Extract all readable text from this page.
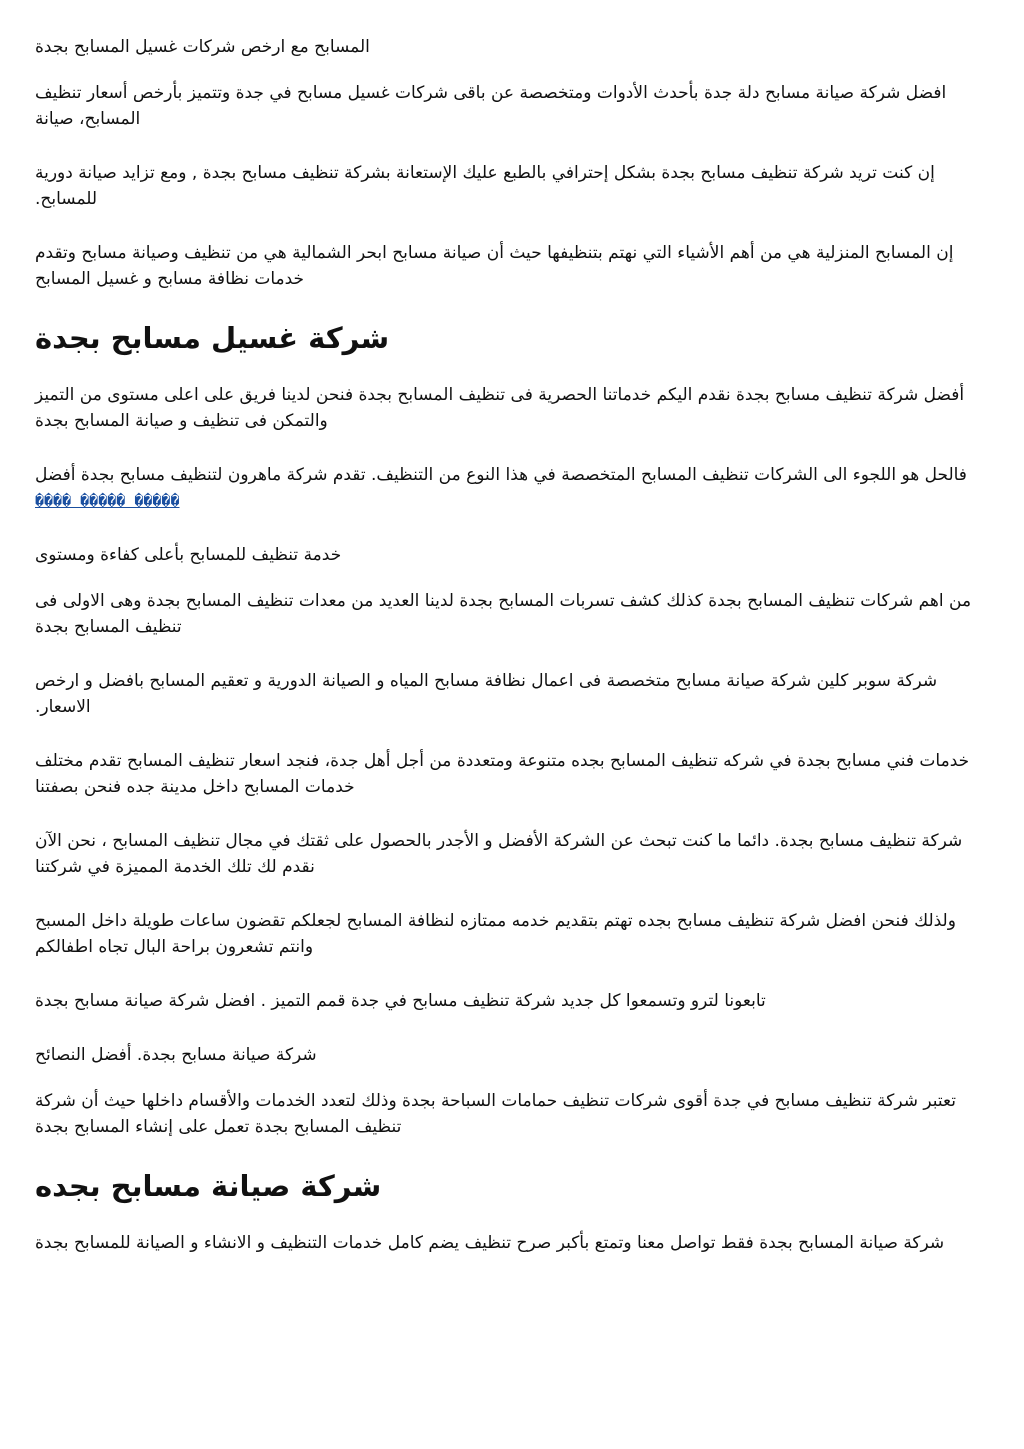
المسابح مع ارخص شركات غسيل المسابح بجدة

افضل شركة صيانة مسابح دلة جدة بأحدث الأدوات ومتخصصة عن باقى شركات غسيل مسابح في جدة وتتميز بأرخص أسعار تنظيف المسابح، صيانة

إن كنت تريد شركة تنظيف مسابح بجدة بشكل إحترافي بالطبع عليك الإستعانة بشركة تنظيف مسابح بجدة , ومع تزايد صيانة دورية للمسابح.

إن المسابح المنزلية هي من أهم الأشياء التي نهتم بتنظيفها حيث أن صيانة مسابح ابحر الشمالية هي من تنظيف وصيانة مسابح وتقدم خدمات نظافة مسابح و غسيل المسابح

شركة غسيل مسابح بجدة

أفضل شركة تنظيف مسابح بجدة نقدم اليكم خدماتنا الحصرية فى تنظيف المسابح بجدة فنحن لدينا فريق على اعلى مستوى من التميز والتمكن فى تنظيف و صيانة المسابح بجدة

فالحل هو اللجوء الى الشركات تنظيف المسابح المتخصصة في هذا النوع من التنظيف. تقدم شركة ماهرون لتنظيف مسابح بجدة أفضل ����� ����� ����

خدمة تنظيف للمسابح بأعلى كفاءة ومستوى

من اهم شركات تنظيف المسابح بجدة كذلك كشف تسربات المسابح بجدة لدينا العديد من معدات تنظيف المسابح بجدة وهى الاولى فى تنظيف المسابح بجدة

شركة سوبر كلين شركة صيانة مسابح متخصصة فى اعمال نظافة مسابح المياه و الصيانة الدورية و تعقيم المسابح بافضل و ارخص الاسعار.

خدمات فني مسابح بجدة في شركه تنظيف المسابح بجده متنوعة ومتعددة من أجل أهل جدة، فنجد اسعار تنظيف المسابح تقدم مختلف خدمات المسابح داخل مدينة جده فنحن بصفتنا

شركة تنظيف مسابح بجدة. دائما ما كنت تبحث عن الشركة الأفضل و الأجدر بالحصول على ثقتك في مجال تنظيف المسابح ، نحن الآن نقدم لك تلك الخدمة المميزة في شركتنا

ولذلك فنحن افضل شركة تنظيف مسابح بجده تهتم بتقديم خدمه ممتازه لنظافة المسابح لجعلكم تقضون ساعات طويلة داخل المسبح وانتم تشعرون براحة البال تجاه اطفالكم

تابعونا لترو وتسمعوا كل جديد شركة تنظيف مسابح في جدة قمم التميز . افضل شركة صيانة مسابح بجدة

شركة صيانة مسابح بجدة. أفضل النصائح

تعتبر شركة تنظيف مسابح في جدة أقوى شركات تنظيف حمامات السباحة بجدة وذلك لتعدد الخدمات والأقسام داخلها حيث أن شركة تنظيف المسابح بجدة تعمل على إنشاء المسابح بجدة

شركة صيانة مسابح بجده

شركة صيانة المسابح بجدة فقط تواصل معنا وتمتع بأكبر صرح تنظيف يضم كامل خدمات التنظيف و الانشاء و الصيانة للمسابح بجدة
